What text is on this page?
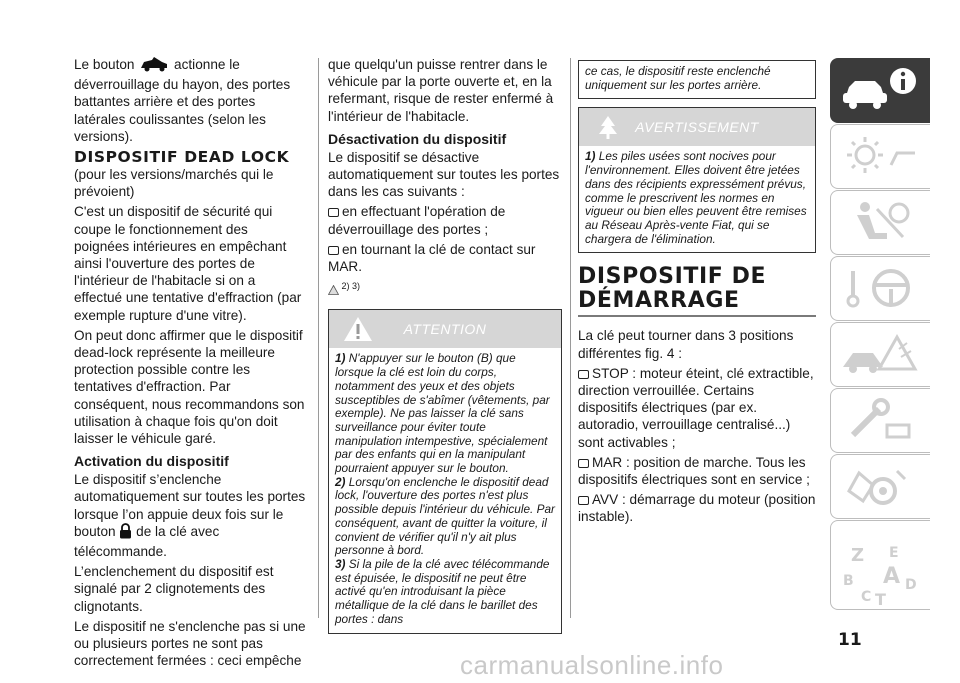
Le bouton	actionne le déverrouillage du hayon, des portes battantes arrière et des portes latérales coulissantes (selon les versions).

DISPOSITIF DEAD LOCK

(pour les versions/marchés qui le prévoient)

C'est un dispositif de sécurité qui coupe le fonctionnement des poignées intérieures en empêchant ainsi l'ouverture des portes de l'intérieur de l'habitacle si on a effectué une tentative d'effraction (par exemple rupture d'une vitre).

On peut donc affirmer que le dispositif dead-lock représente la meilleure protection possible contre les tentatives d'effraction. Par conséquent, nous recommandons son utilisation à chaque fois qu'on doit laisser le véhicule garé.

Activation du dispositif

Le dispositif s’enclenche automatiquement sur toutes les portes lorsque l’on appuie deux fois sur le bouton de la clé avec télécommande.

L’enclenchement du dispositif est signalé par 2 clignotements des clignotants.

Le dispositif ne s'enclenche pas si une ou plusieurs portes ne sont pas correctement fermées : ceci empêche

que quelqu'un puisse rentrer dans le véhicule par la porte ouverte et, en la refermant, risque de rester enfermé à l'intérieur de l'habitacle.

Désactivation du dispositif

Le dispositif se désactive automatiquement sur toutes les portes dans les cas suivants :

en effectuant l'opération de déverrouillage des portes ;

en tournant la clé de contact sur MAR.

2) 3)
ATTENTION

1) N'appuyer sur le bouton (B) que lorsque la clé est loin du corps, notamment des yeux et des objets susceptibles de s'abîmer (vêtements, par exemple). Ne pas laisser la clé sans surveillance pour éviter toute manipulation intempestive, spécialement par des enfants qui en la manipulant pourraient appuyer sur le bouton.

2) Lorsqu'on enclenche le dispositif dead lock, l'ouverture des portes n'est plus possible depuis l'intérieur du véhicule. Par conséquent, avant de quitter la voiture, il convient de vérifier qu'il n'y ait plus personne à bord.

3) Si la pile de la clé avec télécommande est épuisée, le dispositif ne peut être activé qu'en introduisant la pièce métallique de la clé dans le barillet des portes : dans

ce cas, le dispositif reste enclenché uniquement sur les portes arrière.
AVERTISSEMENT

1) Les piles usées sont nocives pour l'environnement. Elles doivent être jetées dans des récipients expressément prévus, comme le prescrivent les normes en vigueur ou bien elles peuvent être remises au Réseau Après-vente Fiat, qui se chargera de l'élimination.

DISPOSITIF DE
DÉMARRAGE

La clé peut tourner dans 3 positions différentes fig. 4 :

STOP : moteur éteint, clé extractible, direction verrouillée. Certains dispositifs électriques (par ex. autoradio, verrouillage centralisé...) sont activables ;

MAR : position de marche. Tous les dispositifs électriques sont en service ;

AVV : démarrage du moteur (position instable).

Z E
A
B
C T
D
11
carmanualsonline.info
